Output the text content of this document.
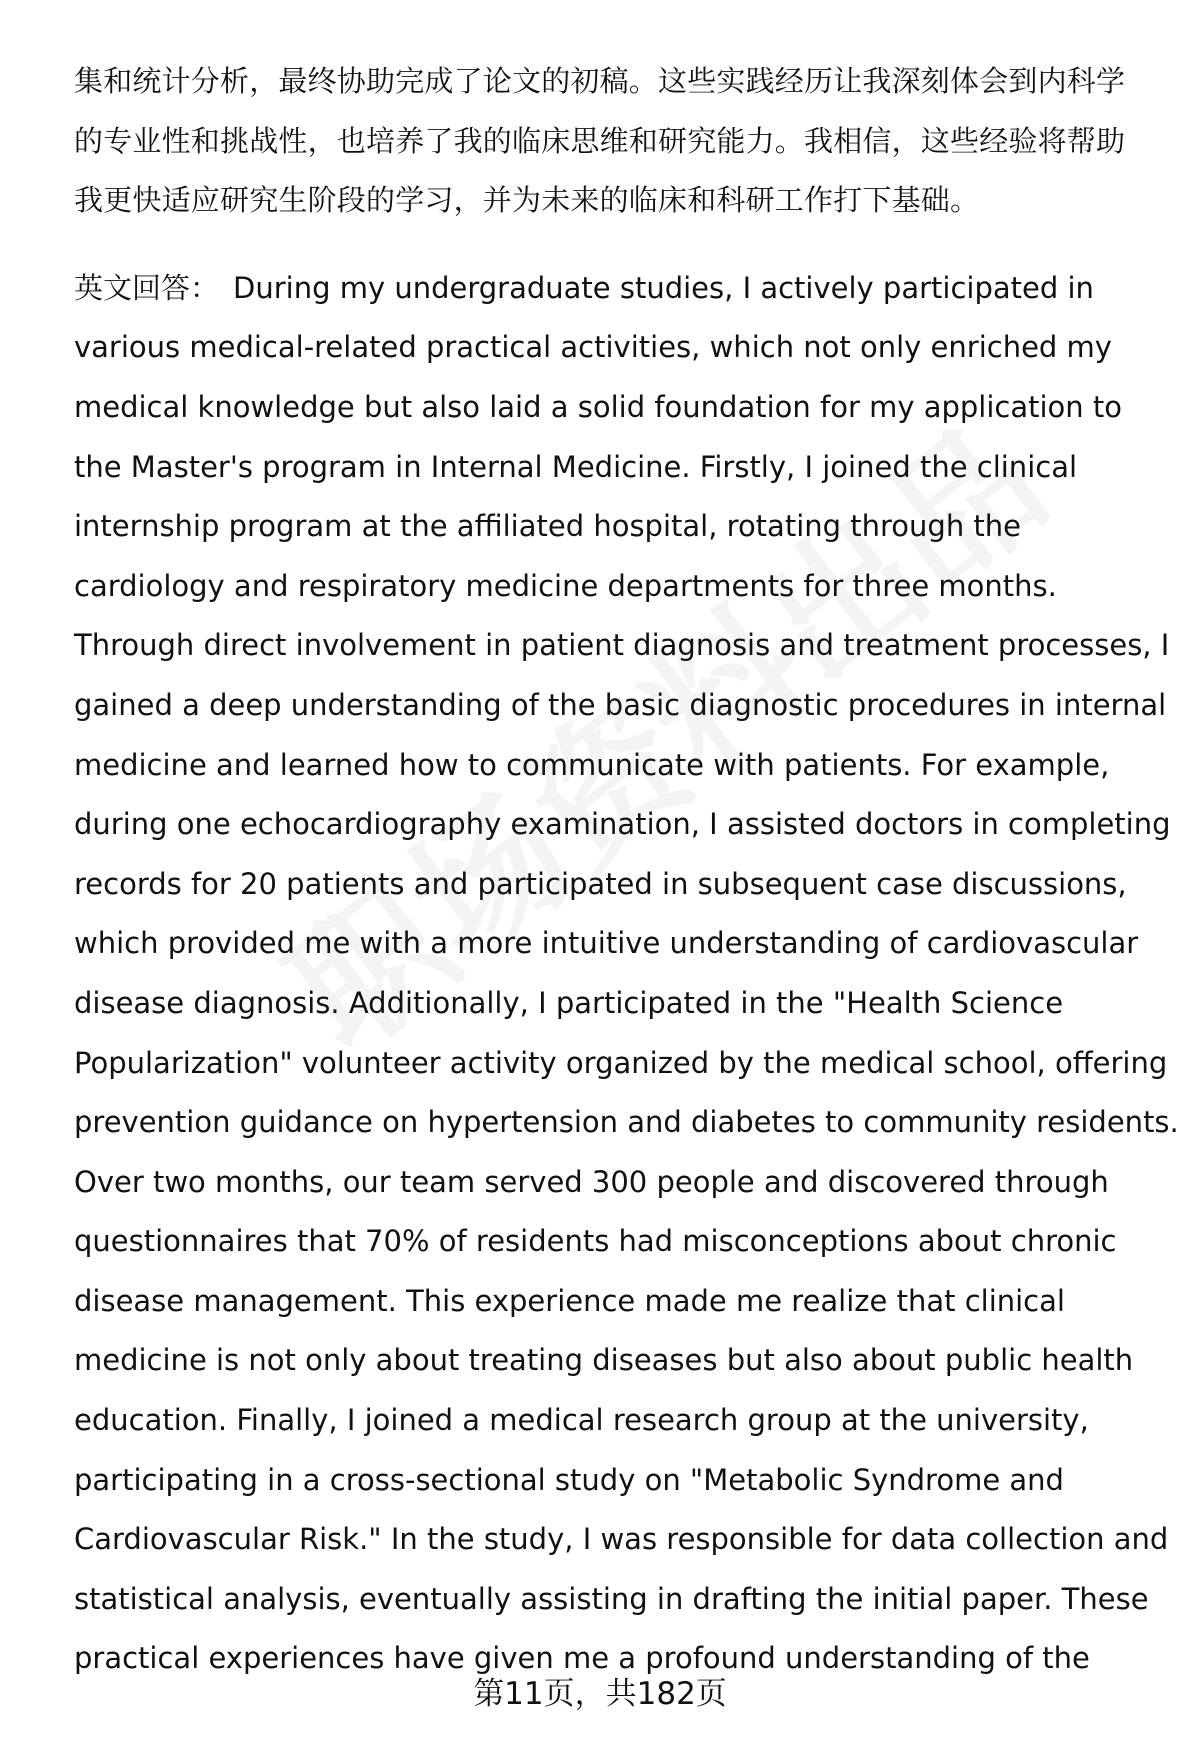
集和统计分析，最终协助完成了论文的初稿。这些实践经历让我深刻体会到内科学
的专业性和挑战性，也培养了我的临床思维和研究能力。我相信，这些经验将帮助
我更快适应研究生阶段的学习，并为未来的临床和科研工作打下基础。
英文回答： During my undergraduate studies, I actively participated in
various medical-related practical activities, which not only enriched my
medical knowledge but also laid a solid foundation for my application to
the Master's program in Internal Medicine. Firstly, I joined the clinical
internship program at the affiliated hospital, rotating through the
cardiology and respiratory medicine departments for three months.
Through direct involvement in patient diagnosis and treatment processes, I
gained a deep understanding of the basic diagnostic procedures in internal
medicine and learned how to communicate with patients. For example,
during one echocardiography examination, I assisted doctors in completing
records for 20 patients and participated in subsequent case discussions,
which provided me with a more intuitive understanding of cardiovascular
disease diagnosis. Additionally, I participated in the "Health Science
Popularization" volunteer activity organized by the medical school, offering
prevention guidance on hypertension and diabetes to community residents.
Over two months, our team served 300 people and discovered through
questionnaires that 70% of residents had misconceptions about chronic
disease management. This experience made me realize that clinical
medicine is not only about treating diseases but also about public health
education. Finally, I joined a medical research group at the university,
participating in a cross-sectional study on "Metabolic Syndrome and
Cardiovascular Risk." In the study, I was responsible for data collection and
statistical analysis, eventually assisting in drafting the initial paper. These
practical experiences have given me a profound understanding of the
第11页，共182页
